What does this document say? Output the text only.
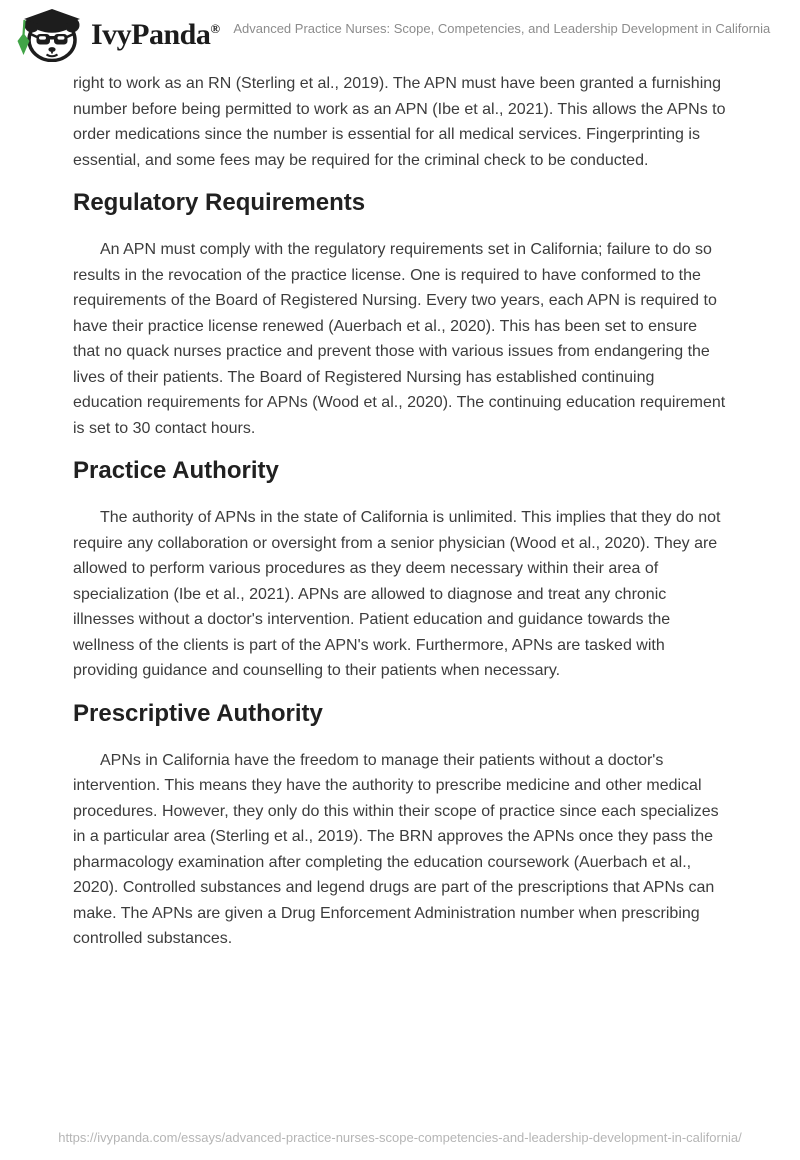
IvyPanda®	Advanced Practice Nurses: Scope, Competencies, and Leadership Development in California

right to work as an RN (Sterling et al., 2019). The APN must have been granted a furnishing number before being permitted to work as an APN (Ibe et al., 2021). This allows the APNs to order medications since the number is essential for all medical services. Fingerprinting is essential, and some fees may be required for the criminal check to be conducted.

Regulatory Requirements

An APN must comply with the regulatory requirements set in California; failure to do so results in the revocation of the practice license. One is required to have conformed to the requirements of the Board of Registered Nursing. Every two years, each APN is required to have their practice license renewed (Auerbach et al., 2020). This has been set to ensure that no quack nurses practice and prevent those with various issues from endangering the lives of their patients. The Board of Registered Nursing has established continuing education requirements for APNs (Wood et al., 2020). The continuing education requirement is set to 30 contact hours.

Practice Authority

The authority of APNs in the state of California is unlimited. This implies that they do not require any collaboration or oversight from a senior physician (Wood et al., 2020). They are allowed to perform various procedures as they deem necessary within their area of specialization (Ibe et al., 2021). APNs are allowed to diagnose and treat any chronic illnesses without a doctor's intervention. Patient education and guidance towards the wellness of the clients is part of the APN's work. Furthermore, APNs are tasked with providing guidance and counselling to their patients when necessary.

Prescriptive Authority

APNs in California have the freedom to manage their patients without a doctor's intervention. This means they have the authority to prescribe medicine and other medical procedures. However, they only do this within their scope of practice since each specializes in a particular area (Sterling et al., 2019). The BRN approves the APNs once they pass the pharmacology examination after completing the education coursework (Auerbach et al., 2020). Controlled substances and legend drugs are part of the prescriptions that APNs can make. The APNs are given a Drug Enforcement Administration number when prescribing controlled substances.

https://ivypanda.com/essays/advanced-practice-nurses-scope-competencies-and-leadership-development-in-california/
